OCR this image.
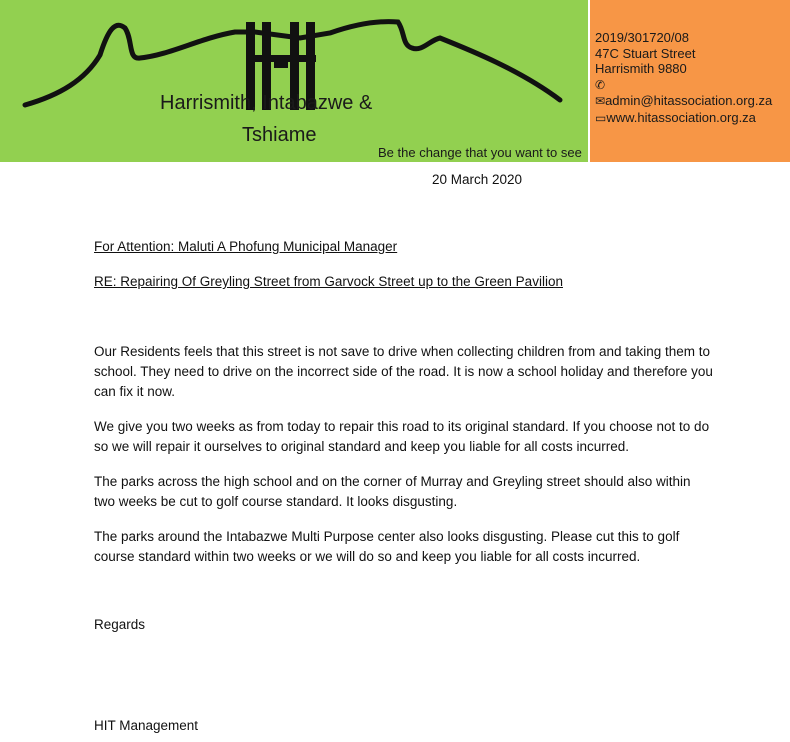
Harrismith, Intabazwe &
Tshiame
Be the change that you want to see
2019/301720/08
47C Stuart Street
Harrismith 9880
✆
✉admin@hitassociation.org.za
▭www.hitassociation.org.za
20 March 2020
For Attention: Maluti A Phofung Municipal Manager
RE: Repairing Of Greyling Street from Garvock Street up to the Green Pavilion

Our Residents feels that this street is not save to drive when collecting children from and taking them to school. They need to drive on the incorrect side of the road. It is now a school holiday and therefore you can fix it now.

We give you two weeks as from today to repair this road to its original standard. If you choose not to do so we will repair it ourselves to original standard and keep you liable for all costs incurred.

The parks across the high school and on the corner of Murray and Greyling street should also within two weeks be cut to golf course standard. It looks disgusting.

The parks around the Intabazwe Multi Purpose center also looks disgusting. Please cut this to golf course standard within two weeks or we will do so and keep you liable for all costs incurred.

Regards
HIT Management
